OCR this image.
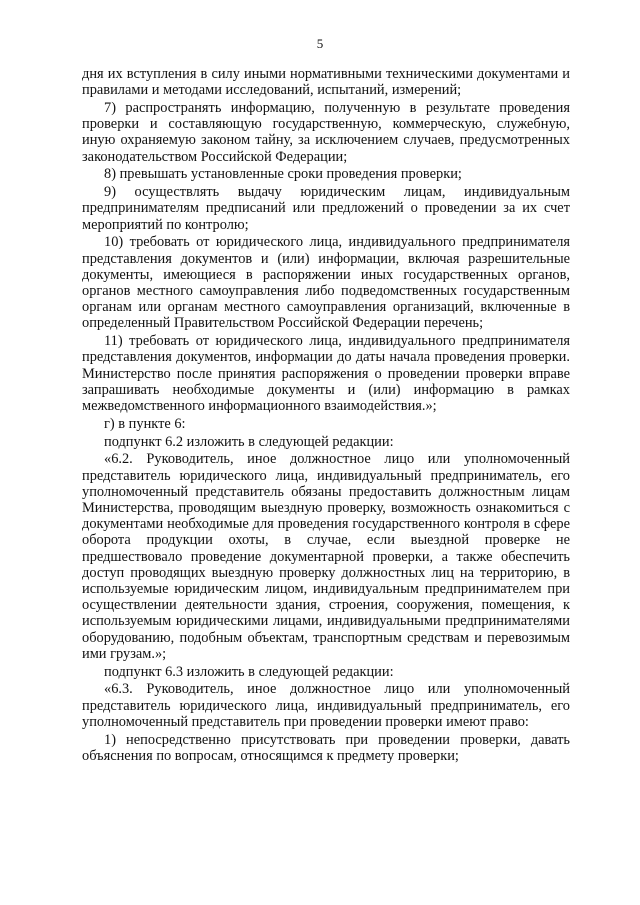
5

дня их вступления в силу иными нормативными техническими документами и правилами и методами исследований, испытаний, измерений;

7) распространять информацию, полученную в результате проведения проверки и составляющую государственную, коммерческую, служебную, иную охраняемую законом тайну, за исключением случаев, предусмотренных законодательством Российской Федерации;

8) превышать установленные сроки проведения проверки;

9) осуществлять выдачу юридическим лицам, индивидуальным предпринимателям предписаний или предложений о проведении за их счет мероприятий по контролю;

10) требовать от юридического лица, индивидуального предпринимателя представления документов и (или) информации, включая разрешительные документы, имеющиеся в распоряжении иных государственных органов, органов местного самоуправления либо подведомственных государственным органам или органам местного самоуправления организаций, включенные в определенный Правительством Российской Федерации перечень;

11) требовать от юридического лица, индивидуального предпринимателя представления документов, информации до даты начала проведения проверки. Министерство после принятия распоряжения о проведении проверки вправе запрашивать необходимые документы и (или) информацию в рамках межведомственного информационного взаимодействия.»;

г) в пункте 6:

подпункт 6.2 изложить в следующей редакции:

«6.2. Руководитель, иное должностное лицо или уполномоченный представитель юридического лица, индивидуальный предприниматель, его уполномоченный представитель обязаны предоставить должностным лицам Министерства, проводящим выездную проверку, возможность ознакомиться с документами необходимые для проведения государственного контроля в сфере оборота продукции охоты, в случае, если выездной проверке не предшествовало проведение документарной проверки, а также обеспечить доступ проводящих выездную проверку должностных лиц на территорию, в используемые юридическим лицом, индивидуальным предпринимателем при осуществлении деятельности здания, строения, сооружения, помещения, к используемым юридическими лицами, индивидуальными предпринимателями оборудованию, подобным объектам, транспортным средствам и перевозимым ими грузам.»;

подпункт 6.3 изложить в следующей редакции:

«6.3. Руководитель, иное должностное лицо или уполномоченный представитель юридического лица, индивидуальный предприниматель, его уполномоченный представитель при проведении проверки имеют право:

1) непосредственно присутствовать при проведении проверки, давать объяснения по вопросам, относящимся к предмету проверки;
